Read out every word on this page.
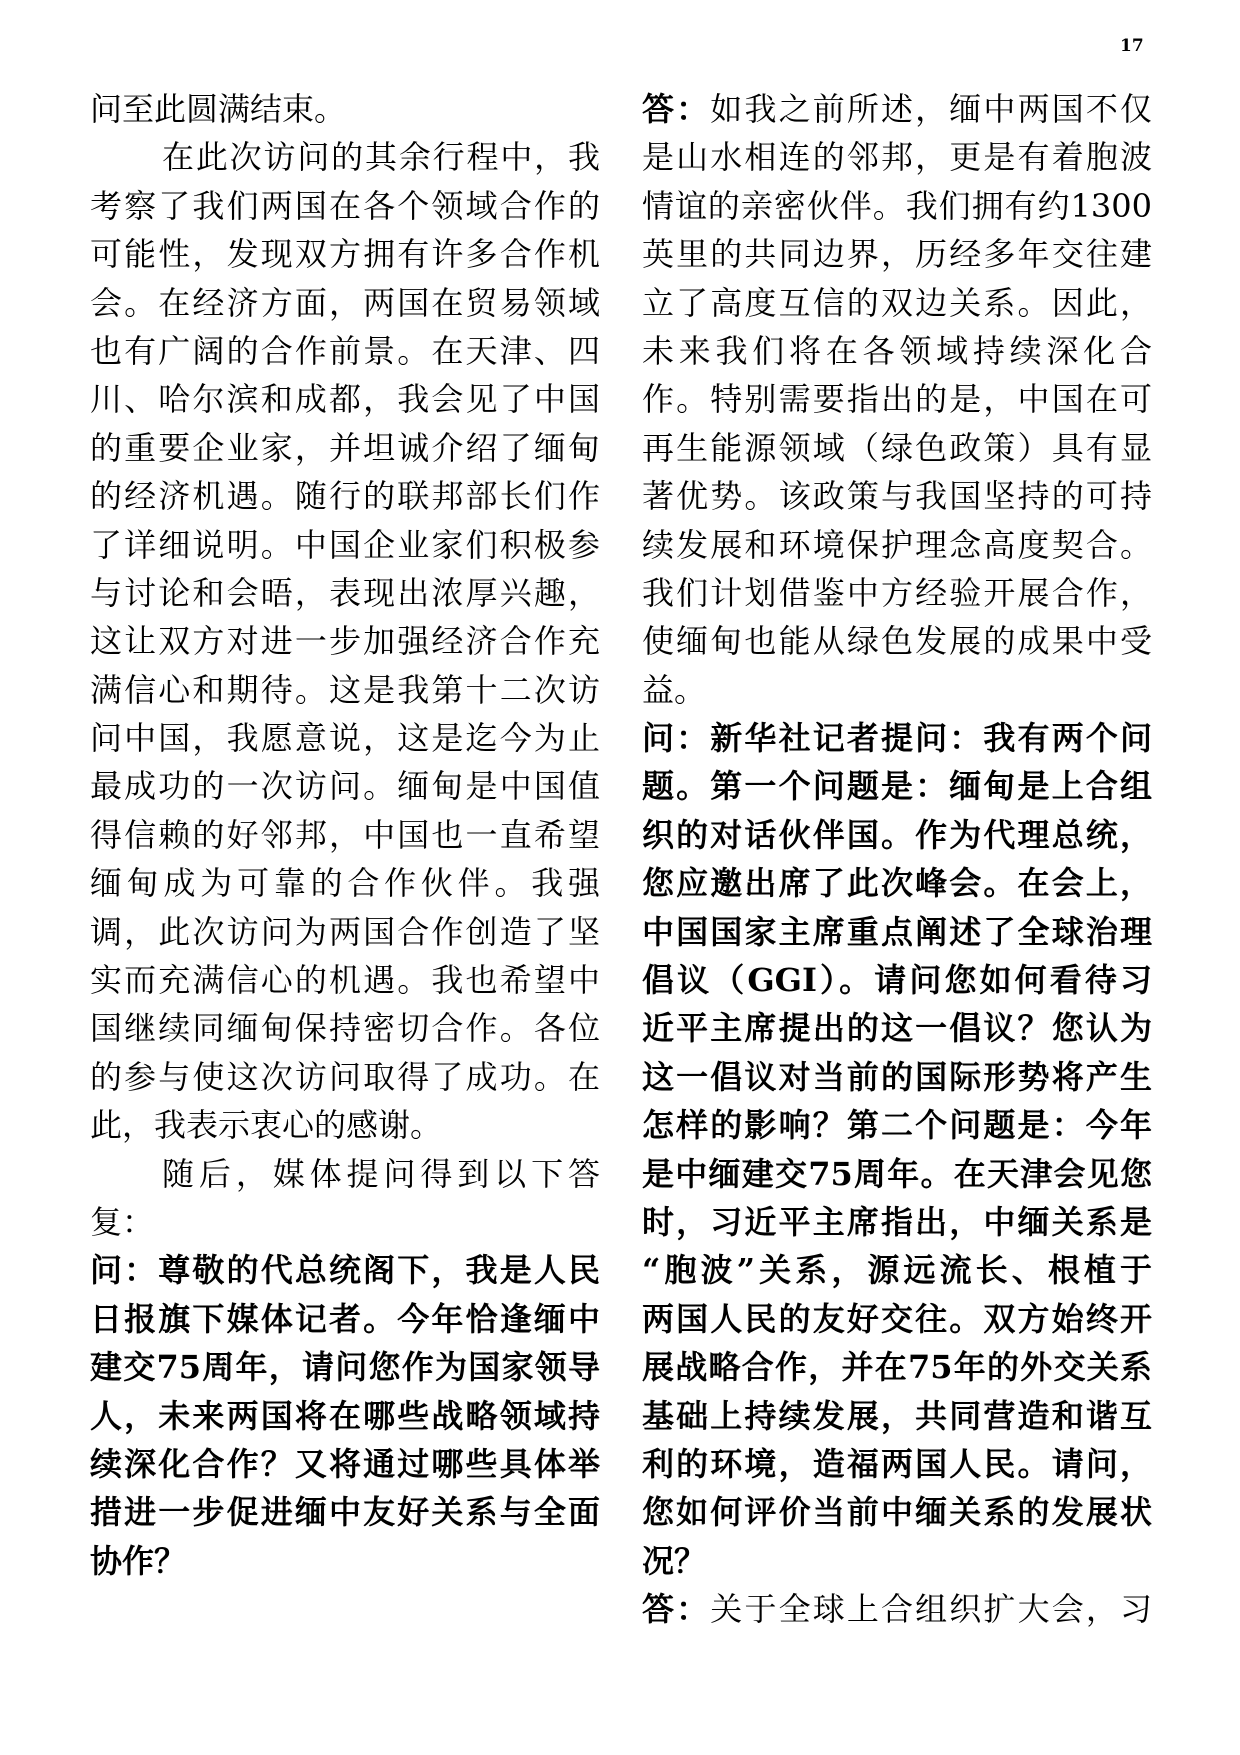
17
问至此圆满结束。
在此次访问的其余行程中，我
考察了我们两国在各个领域合作的
可能性，发现双方拥有许多合作机
会。在经济方面，两国在贸易领域
也有广阔的合作前景。在天津、四
川、哈尔滨和成都，我会见了中国
的重要企业家，并坦诚介绍了缅甸
的经济机遇。随行的联邦部长们作
了详细说明。中国企业家们积极参
与讨论和会晤，表现出浓厚兴趣，
这让双方对进一步加强经济合作充
满信心和期待。这是我第十二次访
问中国，我愿意说，这是迄今为止
最成功的一次访问。缅甸是中国值
得信赖的好邻邦，中国也一直希望
缅甸成为可靠的合作伙伴。我强
调，此次访问为两国合作创造了坚
实而充满信心的机遇。我也希望中
国继续同缅甸保持密切合作。各位
的参与使这次访问取得了成功。在
此，我表示衷心的感谢。
随后，媒体提问得到以下答
复：
问：尊敬的代总统阁下，我是人民
日报旗下媒体记者。今年恰逢缅中
建交75周年，请问您作为国家领导
人，未来两国将在哪些战略领域持
续深化合作？又将通过哪些具体举
措进一步促进缅中友好关系与全面
协作？
答：如我之前所述，缅中两国不仅
是山水相连的邻邦，更是有着胞波
情谊的亲密伙伴。我们拥有约1300
英里的共同边界，历经多年交往建
立了高度互信的双边关系。因此，
未来我们将在各领域持续深化合
作。特别需要指出的是，中国在可
再生能源领域（绿色政策）具有显
著优势。该政策与我国坚持的可持
续发展和环境保护理念高度契合。
我们计划借鉴中方经验开展合作，
使缅甸也能从绿色发展的成果中受
益。
问：新华社记者提问：我有两个问
题。第一个问题是：缅甸是上合组
织的对话伙伴国。作为代理总统，
您应邀出席了此次峰会。在会上，
中国国家主席重点阐述了全球治理
倡议（GGI）。请问您如何看待习
近平主席提出的这一倡议？您认为
这一倡议对当前的国际形势将产生
怎样的影响？第二个问题是：今年
是中缅建交75周年。在天津会见您
时，习近平主席指出，中缅关系是
“胞波”关系，源远流长、根植于
两国人民的友好交往。双方始终开
展战略合作，并在75年的外交关系
基础上持续发展，共同营造和谐互
利的环境，造福两国人民。请问，
您如何评价当前中缅关系的发展状
况？
答：关于全球上合组织扩大会，习
